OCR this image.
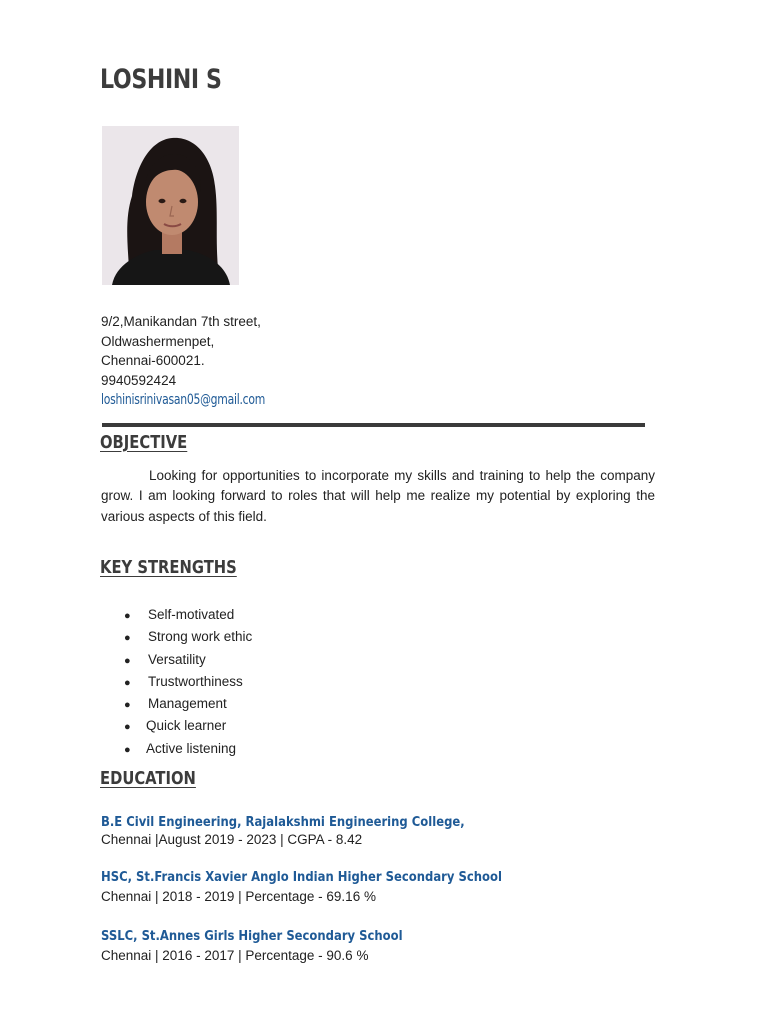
LOSHINI S
9/2,Manikandan 7th street,
Oldwashermenpet,
Chennai-600021.
9940592424
loshinisrinivasan05@gmail.com
OBJECTIVE

Looking for opportunities to incorporate my skills and training to help the company grow. I am looking forward to roles that will help me realize my potential by exploring the various aspects of this field.

KEY STRENGTHS
● Self-motivated
● Strong work ethic
● Versatility
● Trustworthiness
● Management
● Quick learner
● Active listening
EDUCATION
B.E Civil Engineering, Rajalakshmi Engineering College,
Chennai |August 2019 - 2023 | CGPA - 8.42
HSC, St.Francis Xavier Anglo Indian Higher Secondary School
Chennai | 2018 - 2019 | Percentage - 69.16 %
SSLC, St.Annes Girls Higher Secondary School
Chennai | 2016 - 2017 | Percentage - 90.6 %
